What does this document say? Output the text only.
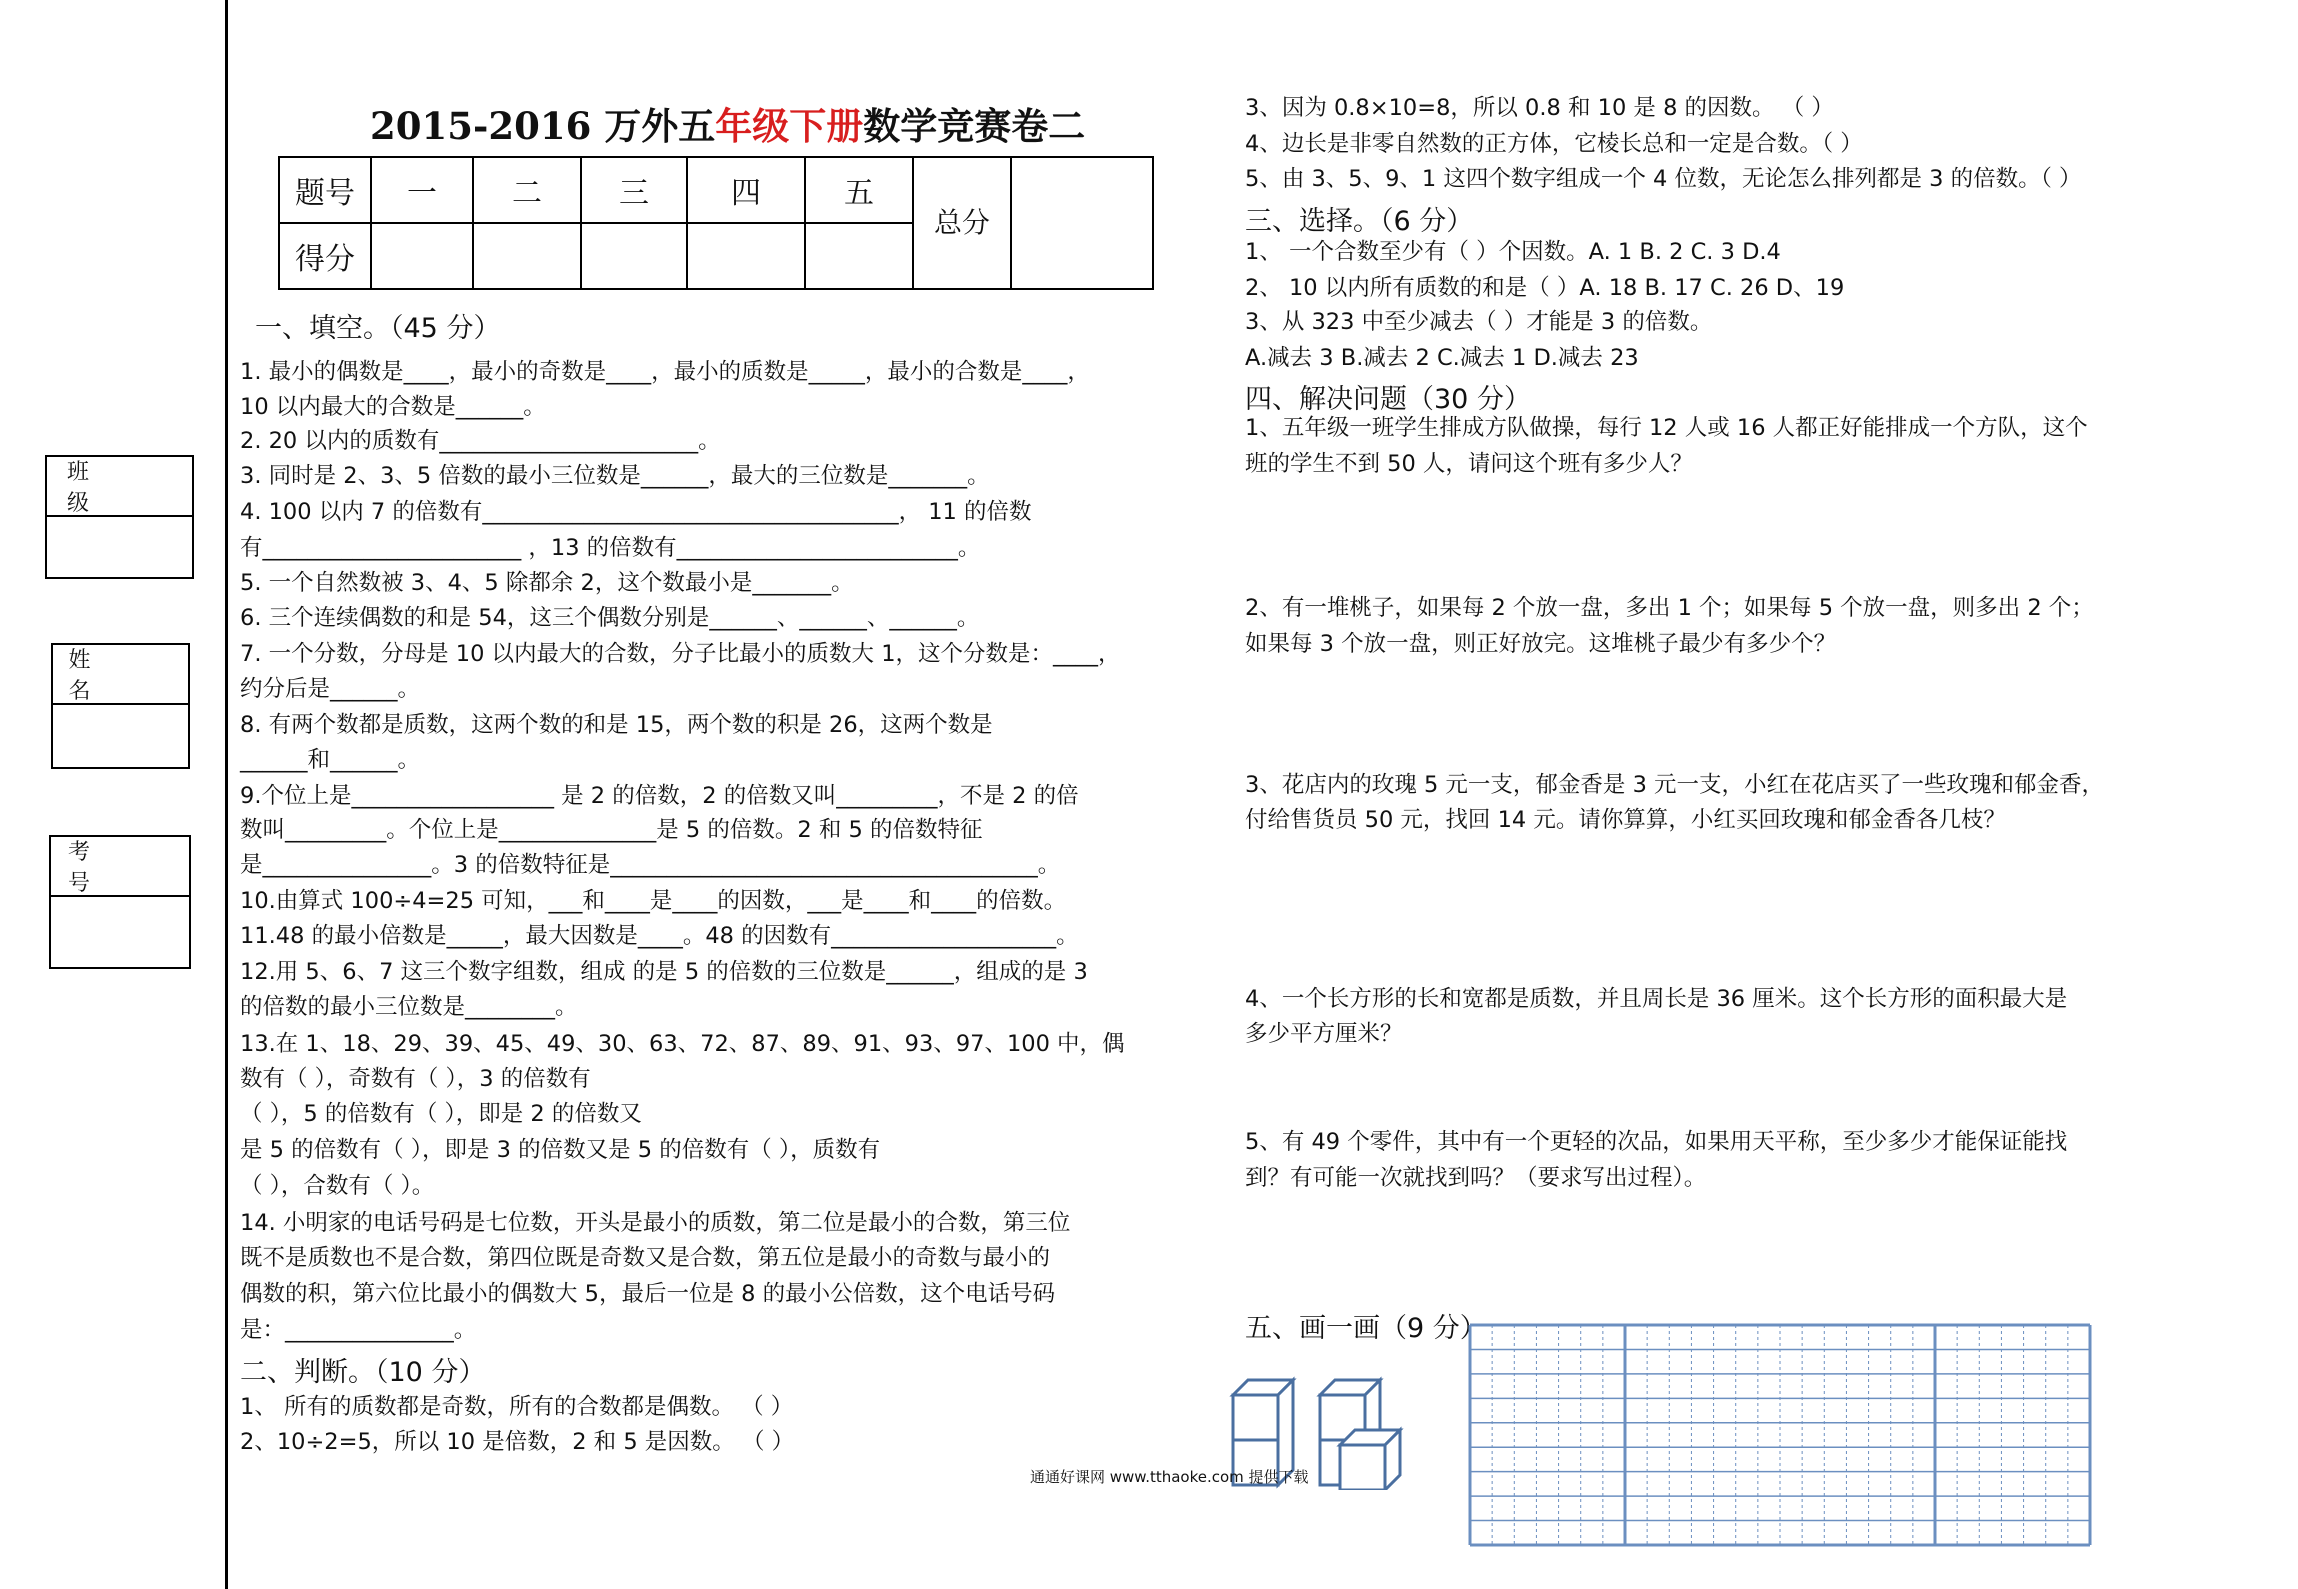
班　级
姓　名
考　号
2015-2016 万外五年级下册数学竞赛卷二
题号	一	二	三	四	五	总分	
得分							
一、填空。（45 分）
1. 最小的偶数是____，最小的奇数是____，最小的质数是_____，最小的合数是____，
10 以内最大的合数是______。
2. 20 以内的质数有_______________________。
3. 同时是 2、3、5 倍数的最小三位数是______，最大的三位数是_______。
4. 100 以内 7 的倍数有_____________________________________， 11 的倍数
有_______________________ ，13 的倍数有_________________________。
5. 一个自然数被 3、4、5 除都余 2，这个数最小是_______。
6. 三个连续偶数的和是 54，这三个偶数分别是______、______、______。
7. 一个分数，分母是 10 以内最大的合数，分子比最小的质数大 1，这个分数是：____，
约分后是______。
8. 有两个数都是质数，这两个数的和是 15，两个数的积是 26，这两个数是
______和______。
9.个位上是__________________ 是 2 的倍数，2 的倍数又叫_________，不是 2 的倍
数叫_________。个位上是______________是 5 的倍数。2 和 5 的倍数特征
是_______________。3 的倍数特征是______________________________________。
10.由算式 100÷4=25 可知，___和____是____的因数，___是____和____的倍数。
11.48 的最小倍数是_____，最大因数是____。48 的因数有____________________。
12.用 5、6、7 这三个数字组数，组成 的是 5 的倍数的三位数是______，组成的是 3
的倍数的最小三位数是________。
13.在 1、18、29、39、45、49、30、63、72、87、89、91、93、97、100 中，偶
数有（ ），奇数有（ ），3 的倍数有
（ ），5 的倍数有（ ），即是 2 的倍数又
是 5 的倍数有（ ），即是 3 的倍数又是 5 的倍数有（ ），质数有
（ ），合数有（ ）。
14. 小明家的电话号码是七位数，开头是最小的质数，第二位是最小的合数，第三位
既不是质数也不是合数，第四位既是奇数又是合数，第五位是最小的奇数与最小的
偶数的积，第六位比最小的偶数大 5，最后一位是 8 的最小公倍数，这个电话号码
是：_______________。
二、判断。（10 分）
1、 所有的质数都是奇数，所有的合数都是偶数。 （ ）
2、10÷2=5，所以 10 是倍数，2 和 5 是因数。 （ ）
3、因为 0.8×10=8，所以 0.8 和 10 是 8 的因数。 （ ）
4、边长是非零自然数的正方体，它棱长总和一定是合数。（ ）
5、由 3、5、9、1 这四个数字组成一个 4 位数，无论怎么排列都是 3 的倍数。（ ）
三、选择。（6 分）
1、 一个合数至少有（ ）个因数。A. 1 B. 2 C. 3 D.4
2、 10 以内所有质数的和是（ ）A. 18 B. 17 C. 26 D、19
3、从 323 中至少减去（ ）才能是 3 的倍数。
A.减去 3 B.减去 2 C.减去 1 D.减去 23
四、解决问题（30 分）
1、五年级一班学生排成方队做操，每行 12 人或 16 人都正好能排成一个方队，这个
班的学生不到 50 人，请问这个班有多少人？
2、有一堆桃子，如果每 2 个放一盘，多出 1 个；如果每 5 个放一盘，则多出 2 个；
如果每 3 个放一盘，则正好放完。这堆桃子最少有多少个？
3、花店内的玫瑰 5 元一支，郁金香是 3 元一支，小红在花店买了一些玫瑰和郁金香，
付给售货员 50 元，找回 14 元。请你算算，小红买回玫瑰和郁金香各几枝？
4、一个长方形的长和宽都是质数，并且周长是 36 厘米。这个长方形的面积最大是
多少平方厘米？
5、有 49 个零件，其中有一个更轻的次品，如果用天平称，至少多少才能保证能找
到？有可能一次就找到吗？（要求写出过程）。
五、画一画（9 分）
通通好课网 www.tthaoke.com 提供下载
